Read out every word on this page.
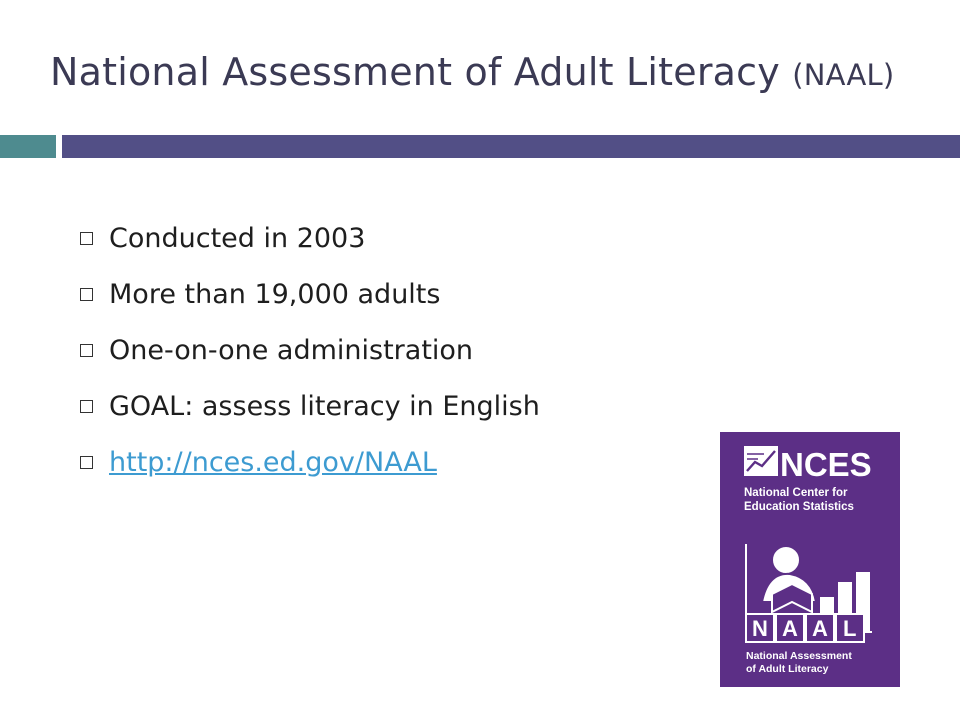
National Assessment of Adult Literacy (NAAL)
Conducted in 2003
More than 19,000 adults
One-on-one administration
GOAL: assess literacy in English
http://nces.ed.gov/NAAL	NCES
National Center for
Education Statistics
N A A L
National Assessment
of Adult Literacy
